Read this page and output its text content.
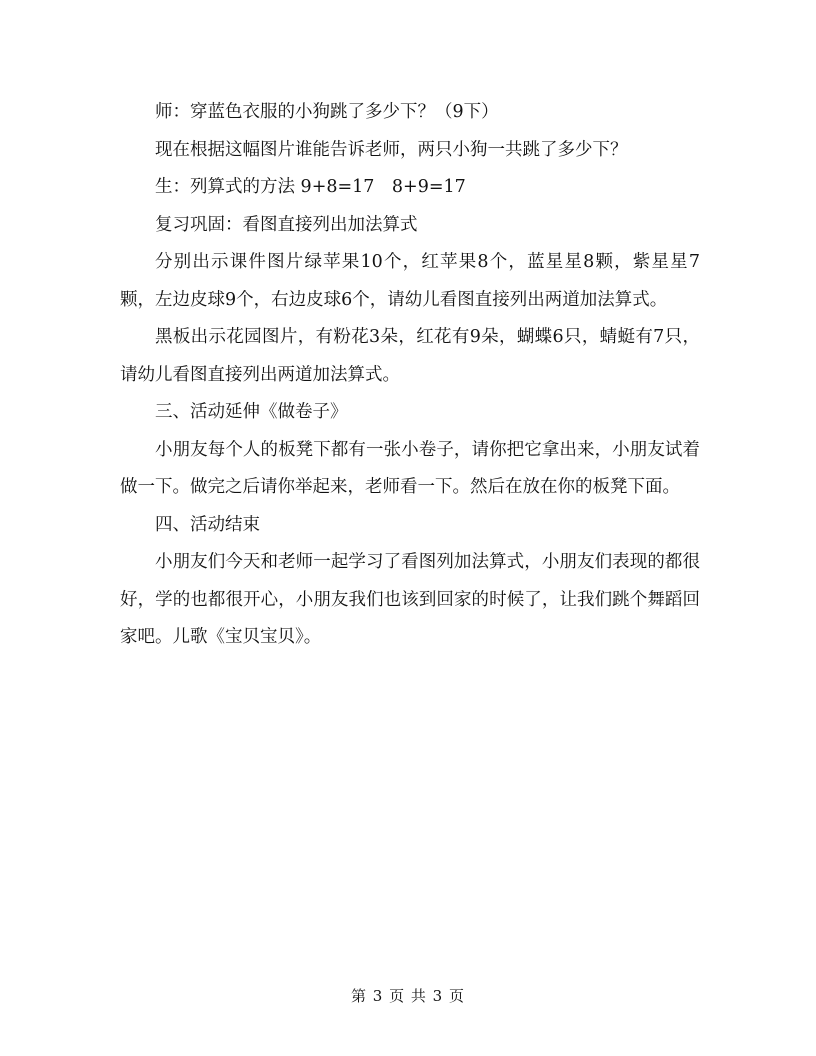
师：穿蓝色衣服的小狗跳了多少下？（9下）

现在根据这幅图片谁能告诉老师，两只小狗一共跳了多少下？

生：列算式的方法 9+8=17　8+9=17

复习巩固：看图直接列出加法算式

分别出示课件图片绿苹果10个，红苹果8个，蓝星星8颗，紫星星7颗，左边皮球9个，右边皮球6个，请幼儿看图直接列出两道加法算式。

黑板出示花园图片，有粉花3朵，红花有9朵，蝴蝶6只，蜻蜓有7只，请幼儿看图直接列出两道加法算式。

三、活动延伸《做卷子》

小朋友每个人的板凳下都有一张小卷子，请你把它拿出来，小朋友试着做一下。做完之后请你举起来，老师看一下。然后在放在你的板凳下面。

四、活动结束

小朋友们今天和老师一起学习了看图列加法算式，小朋友们表现的都很好，学的也都很开心，小朋友我们也该到回家的时候了，让我们跳个舞蹈回家吧。儿歌《宝贝宝贝》。

第 3 页 共 3 页
